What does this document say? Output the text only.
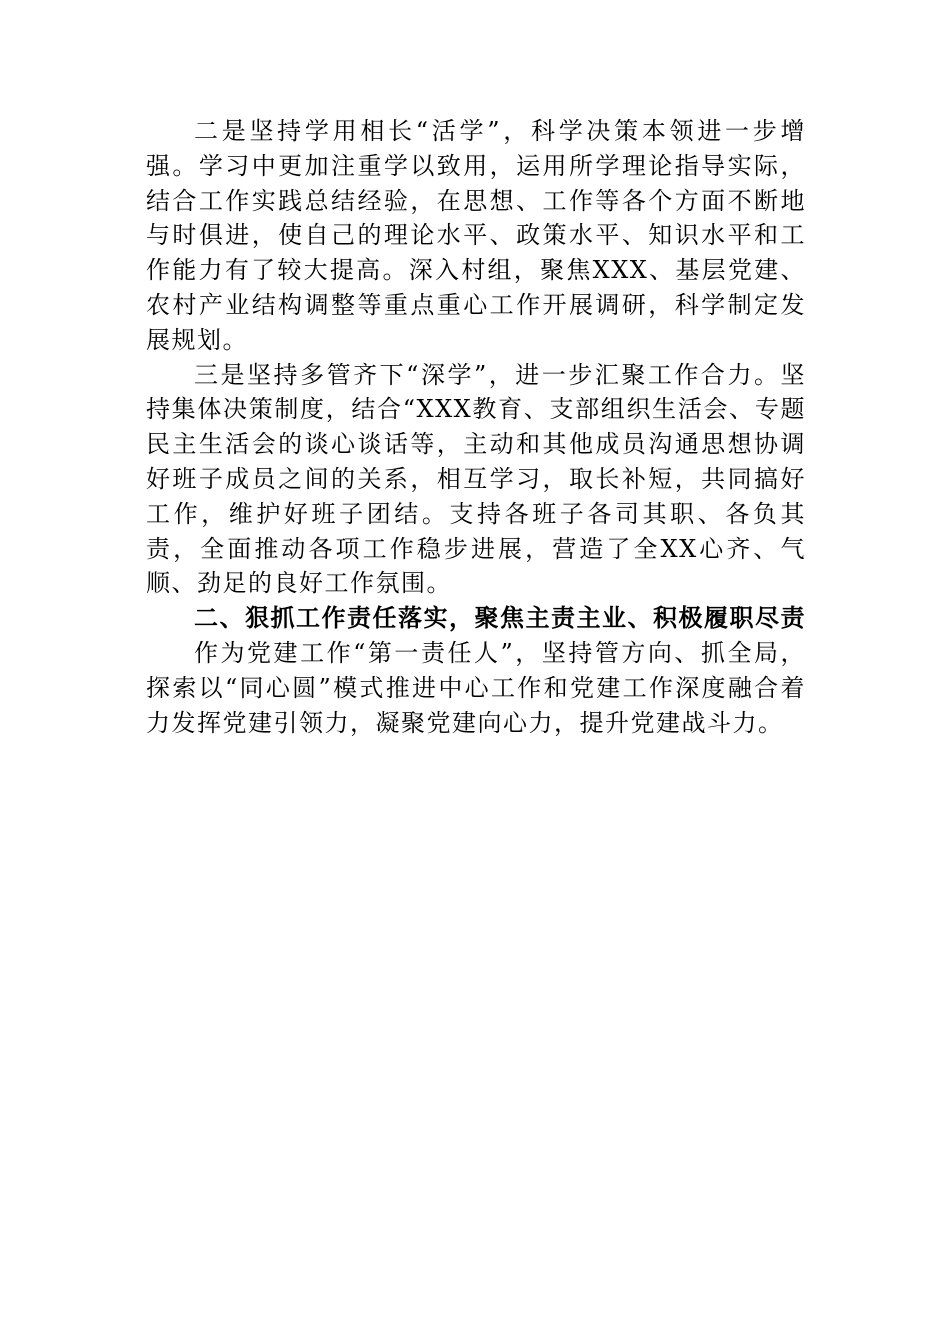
二是坚持学用相长“活学”，科学决策本领进一步增强。学习中更加注重学以致用，运用所学理论指导实际，结合工作实践总结经验，在思想、工作等各个方面不断地与时俱进，使自己的理论水平、政策水平、知识水平和工作能力有了较大提高。深入村组，聚焦XXX、基层党建、农村产业结构调整等重点重心工作开展调研，科学制定发展规划。

三是坚持多管齐下“深学”，进一步汇聚工作合力。坚持集体决策制度，结合“XXX教育、支部组织生活会、专题民主生活会的谈心谈话等，主动和其他成员沟通思想协调好班子成员之间的关系，相互学习，取长补短，共同搞好工作，维护好班子团结。支持各班子各司其职、各负其责，全面推动各项工作稳步进展，营造了全XX心齐、气顺、劲足的良好工作氛围。

二、狠抓工作责任落实，聚焦主责主业、积极履职尽责

作为党建工作“第一责任人”，坚持管方向、抓全局，探索以“同心圆”模式推进中心工作和党建工作深度融合着力发挥党建引领力，凝聚党建向心力，提升党建战斗力。
